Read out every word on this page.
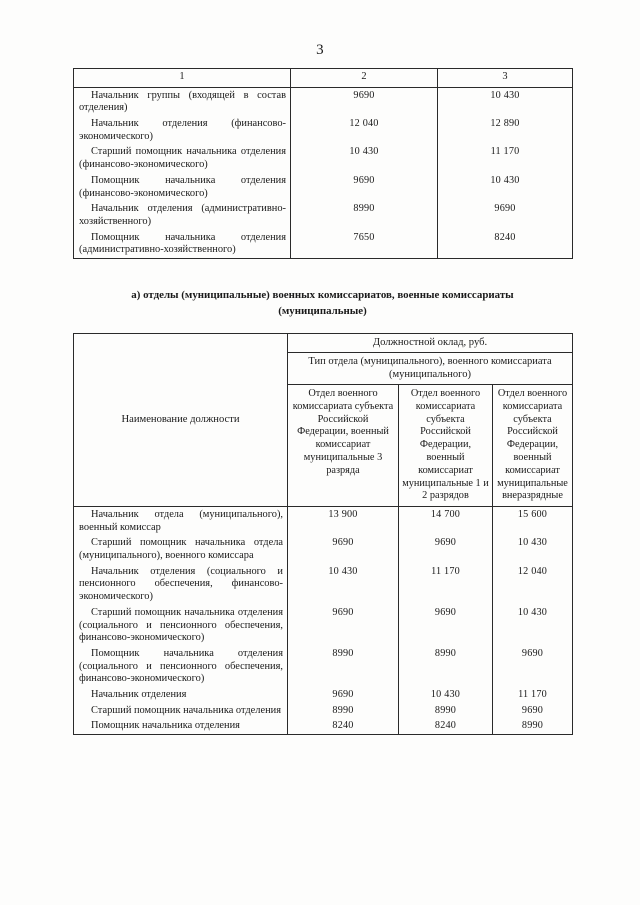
3
1	2	3
Начальник группы (входящей в состав отделения)	9690	10 430
Начальник отделения (финансово-экономического)	12 040	12 890
Старший помощник начальника отделения (финансово-экономического)	10 430	11 170
Помощник начальника отделения (финансово-экономического)	9690	10 430
Начальник отделения (административно-хозяйственного)	8990	9690
Помощник начальника отделения (административно-хозяйственного)	7650	8240
а) отделы (муниципальные) военных комиссариатов, военные комиссариаты
(муниципальные)
Наименование должности	Должностной оклад, руб.		
	Тип отдела (муниципального), военного комиссариата (муниципального)		
	Отдел военного комиссариата субъекта Российской Федерации, военный комиссариат муниципальные 3 разряда	Отдел военного комиссариата субъекта Российской Федерации, военный комиссариат муниципальные 1 и 2 разрядов	Отдел военного комиссариата субъекта Российской Федерации, военный комиссариат муниципальные внеразрядные
Начальник отдела (муниципального), военный комиссар	13 900	14 700	15 600
Старший помощник начальника отдела (муниципального), военного комиссара	9690	9690	10 430
Начальник отделения (социального и пенсионного обеспечения, финансово-экономического)	10 430	11 170	12 040
Старший помощник начальника отделения (социального и пенсионного обеспечения, финансово-экономического)	9690	9690	10 430
Помощник начальника отделения (социального и пенсионного обеспечения, финансово-экономического)	8990	8990	9690
Начальник отделения	9690	10 430	11 170
Старший помощник начальника отделения	8990	8990	9690
Помощник начальника отделения	8240	8240	8990
